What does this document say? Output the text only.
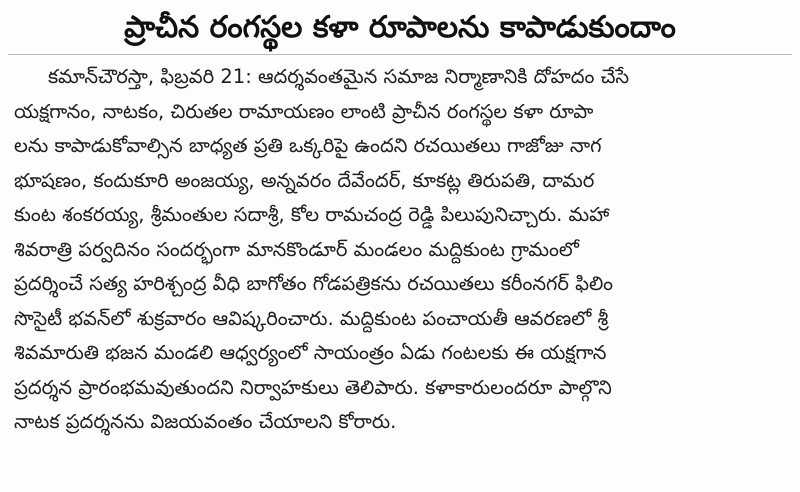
ప్రాచీన రంగస్థల కళా రూపాలను కాపాడుకుందాం
కమాన్‌చౌరస్తా, ఫిబ్రవరి 21: ఆదర్శవంతమైన సమాజ నిర్మాణానికి దోహదం చేసే
యక్షగానం, నాటకం, చిరుతల రామాయణం లాంటి ప్రాచీన రంగస్థల కళా రూపా
లను కాపాడుకోవాల్సిన బాధ్యత ప్రతి ఒక్కరిపై ఉందని రచయితలు గాజోజు నాగ
భూషణం, కందుకూరి అంజయ్య, అన్నవరం దేవేందర్, కూకట్ల తిరుపతి, దామర
కుంట శంకరయ్య, శ్రీమంతుల సదాశ్రీ, కోల రామచంద్ర రెడ్డి పిలుపునిచ్చారు. మహా
శివరాత్రి పర్వదినం సందర్భంగా మానకొండూర్ మండలం మద్దికుంట గ్రామంలో
ప్రదర్శించే సత్య హరిశ్చంద్ర వీధి బాగోతం గోడపత్రికను రచయితలు కరీంనగర్ ఫిలిం
సొసైటీ భవన్‌లో శుక్రవారం ఆవిష్కరించారు. మద్దికుంట పంచాయతీ ఆవరణలో శ్రీ
శివమారుతి భజన మండలి ఆధ్వర్యంలో సాయంత్రం ఏడు గంటలకు ఈ యక్షగాన
ప్రదర్శన ప్రారంభమవుతుందని నిర్వాహకులు తెలిపారు. కళాకారులందరూ పాల్గొని
నాటక ప్రదర్శనను విజయవంతం చేయాలని కోరారు.
